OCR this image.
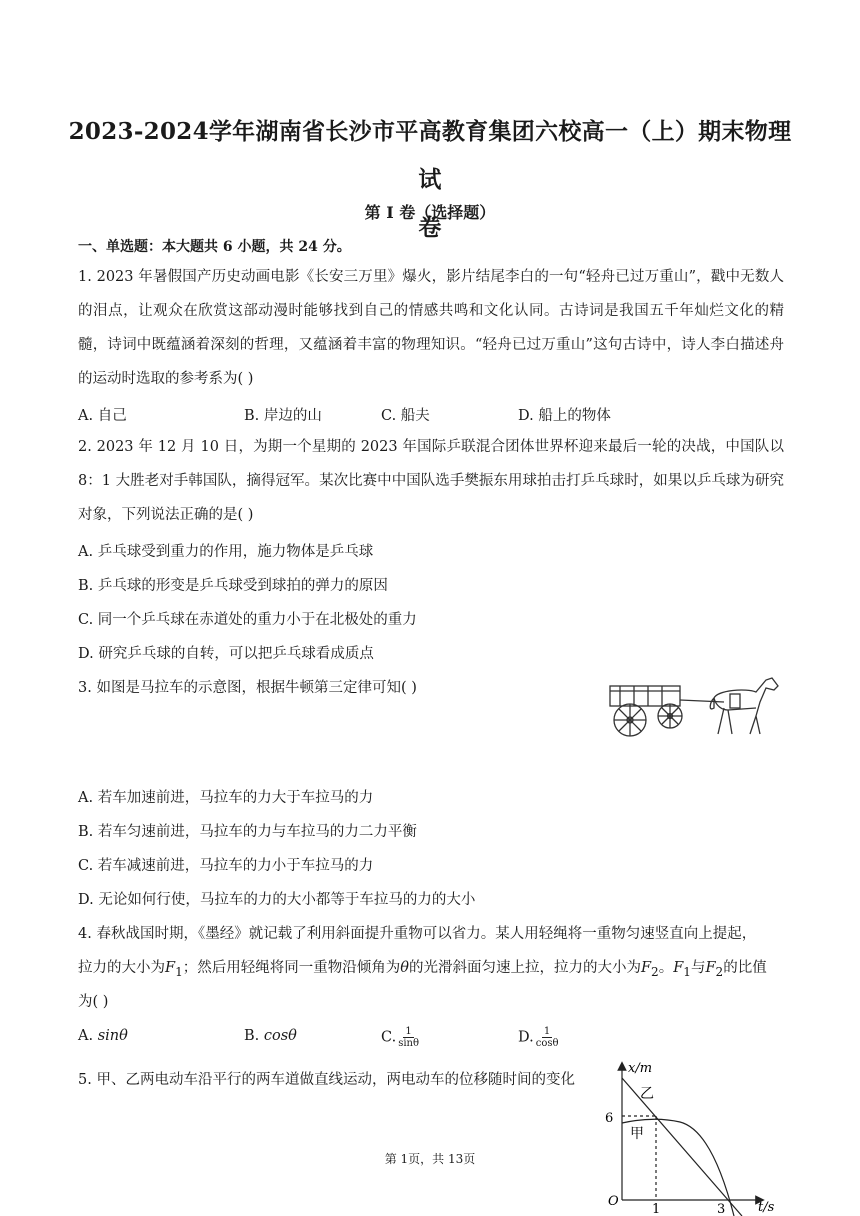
2023-2024学年湖南省长沙市平高教育集团六校高一（上）期末物理试
卷
第 I 卷（选择题）
一、单选题：本大题共 6 小题，共 24 分。
1. 2023 年暑假国产历史动画电影《长安三万里》爆火，影片结尾李白的一句“轻舟已过万重山”，戳中无数人的泪点，让观众在欣赏这部动漫时能够找到自己的情感共鸣和文化认同。古诗词是我国五千年灿烂文化的精髓，诗词中既蕴涵着深刻的哲理，又蕴涵着丰富的物理知识。“轻舟已过万重山”这句古诗中，诗人李白描述舟的运动时选取的参考系为( )
A. 自己	B. 岸边的山	C. 船夫	D. 船上的物体
2. 2023 年 12 月 10 日，为期一个星期的 2023 年国际乒联混合团体世界杯迎来最后一轮的决战，中国队以 8：1 大胜老对手韩国队，摘得冠军。某次比赛中中国队选手樊振东用球拍击打乒乓球时，如果以乒乓球为研究对象，下列说法正确的是( )
A. 乒乓球受到重力的作用，施力物体是乒乓球
B. 乒乓球的形变是乒乓球受到球拍的弹力的原因
C. 同一个乒乓球在赤道处的重力小于在北极处的重力
D. 研究乒乓球的自转，可以把乒乓球看成质点
3. 如图是马拉车的示意图，根据牛顿第三定律可知( )
A. 若车加速前进，马拉车的力大于车拉马的力
B. 若车匀速前进，马拉车的力与车拉马的力二力平衡
C. 若车减速前进，马拉车的力小于车拉马的力
D. 无论如何行使，马拉车的力的大小都等于车拉马的力的大小
4. 春秋战国时期，《墨经》就记载了利用斜面提升重物可以省力。某人用轻绳将一重物匀速竖直向上提起，
拉力的大小为$F_1$；然后用轻绳将同一重物沿倾角为θ的光滑斜面匀速上拉，拉力的大小为$F_2$。$F_1$与$F_2$的比值
为( )
A. sinθ	B. cosθ	C. $\frac{1}{\sin\theta}$	D. $\frac{1}{\cos\theta}$
5. 甲、乙两电动车沿平行的两车道做直线运动，两电动车的位移随时间的变化
x/m
t/s
O
6
1	3
乙
甲
第 1页，共 13页
